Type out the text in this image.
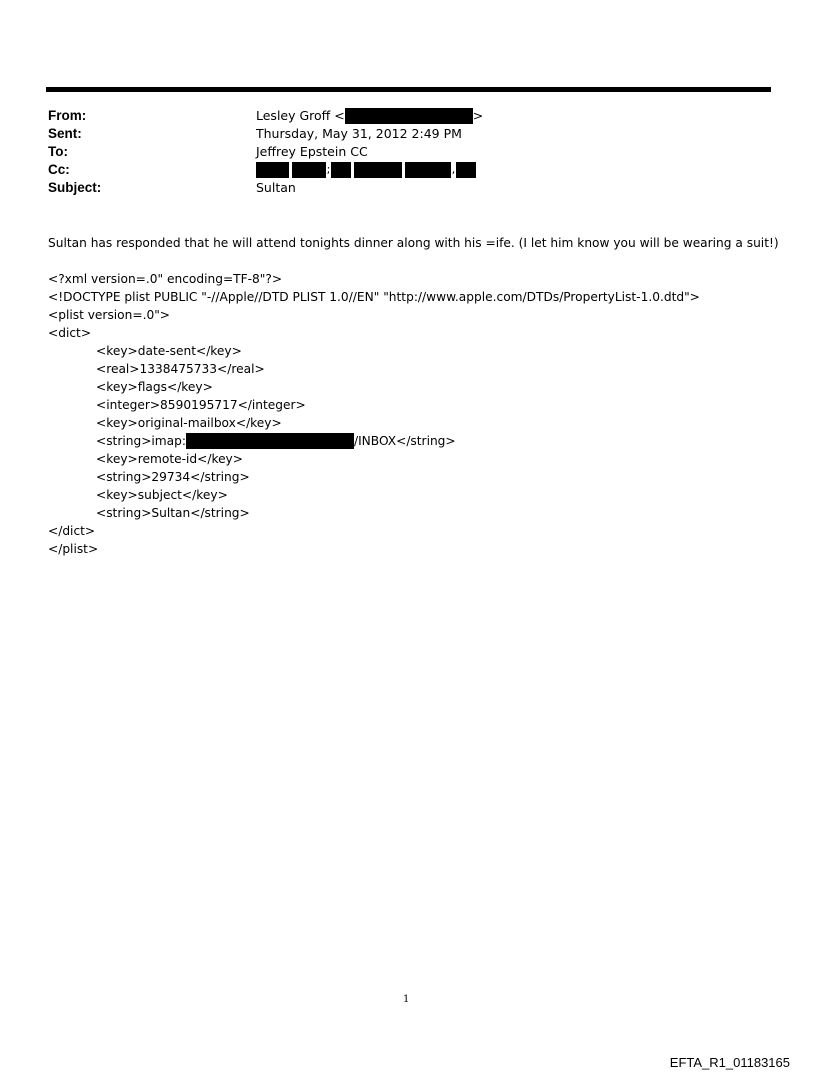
From:	Lesley Groff <	>
Sent:	Thursday, May 31, 2012 2:49 PM
To:	Jeffrey Epstein CC
Cc:	;	,
Subject:	Sultan
Sultan has responded that he will attend tonights dinner along with his =ife. (I let him know you will be wearing a suit!)
<?xml version=.0" encoding=TF-8"?>
<!DOCTYPE plist PUBLIC "-//Apple//DTD PLIST 1.0//EN" "http://www.apple.com/DTDs/PropertyList-1.0.dtd">
<plist version=.0">
<dict>
<key>date-sent</key>
<real>1338475733</real>
<key>flags</key>
<integer>8590195717</integer>
<key>original-mailbox</key>
<string>imap:	/INBOX</string>
<key>remote-id</key>
<string>29734</string>
<key>subject</key>
<string>Sultan</string>
</dict>
</plist>
1
EFTA_R1_01183165
